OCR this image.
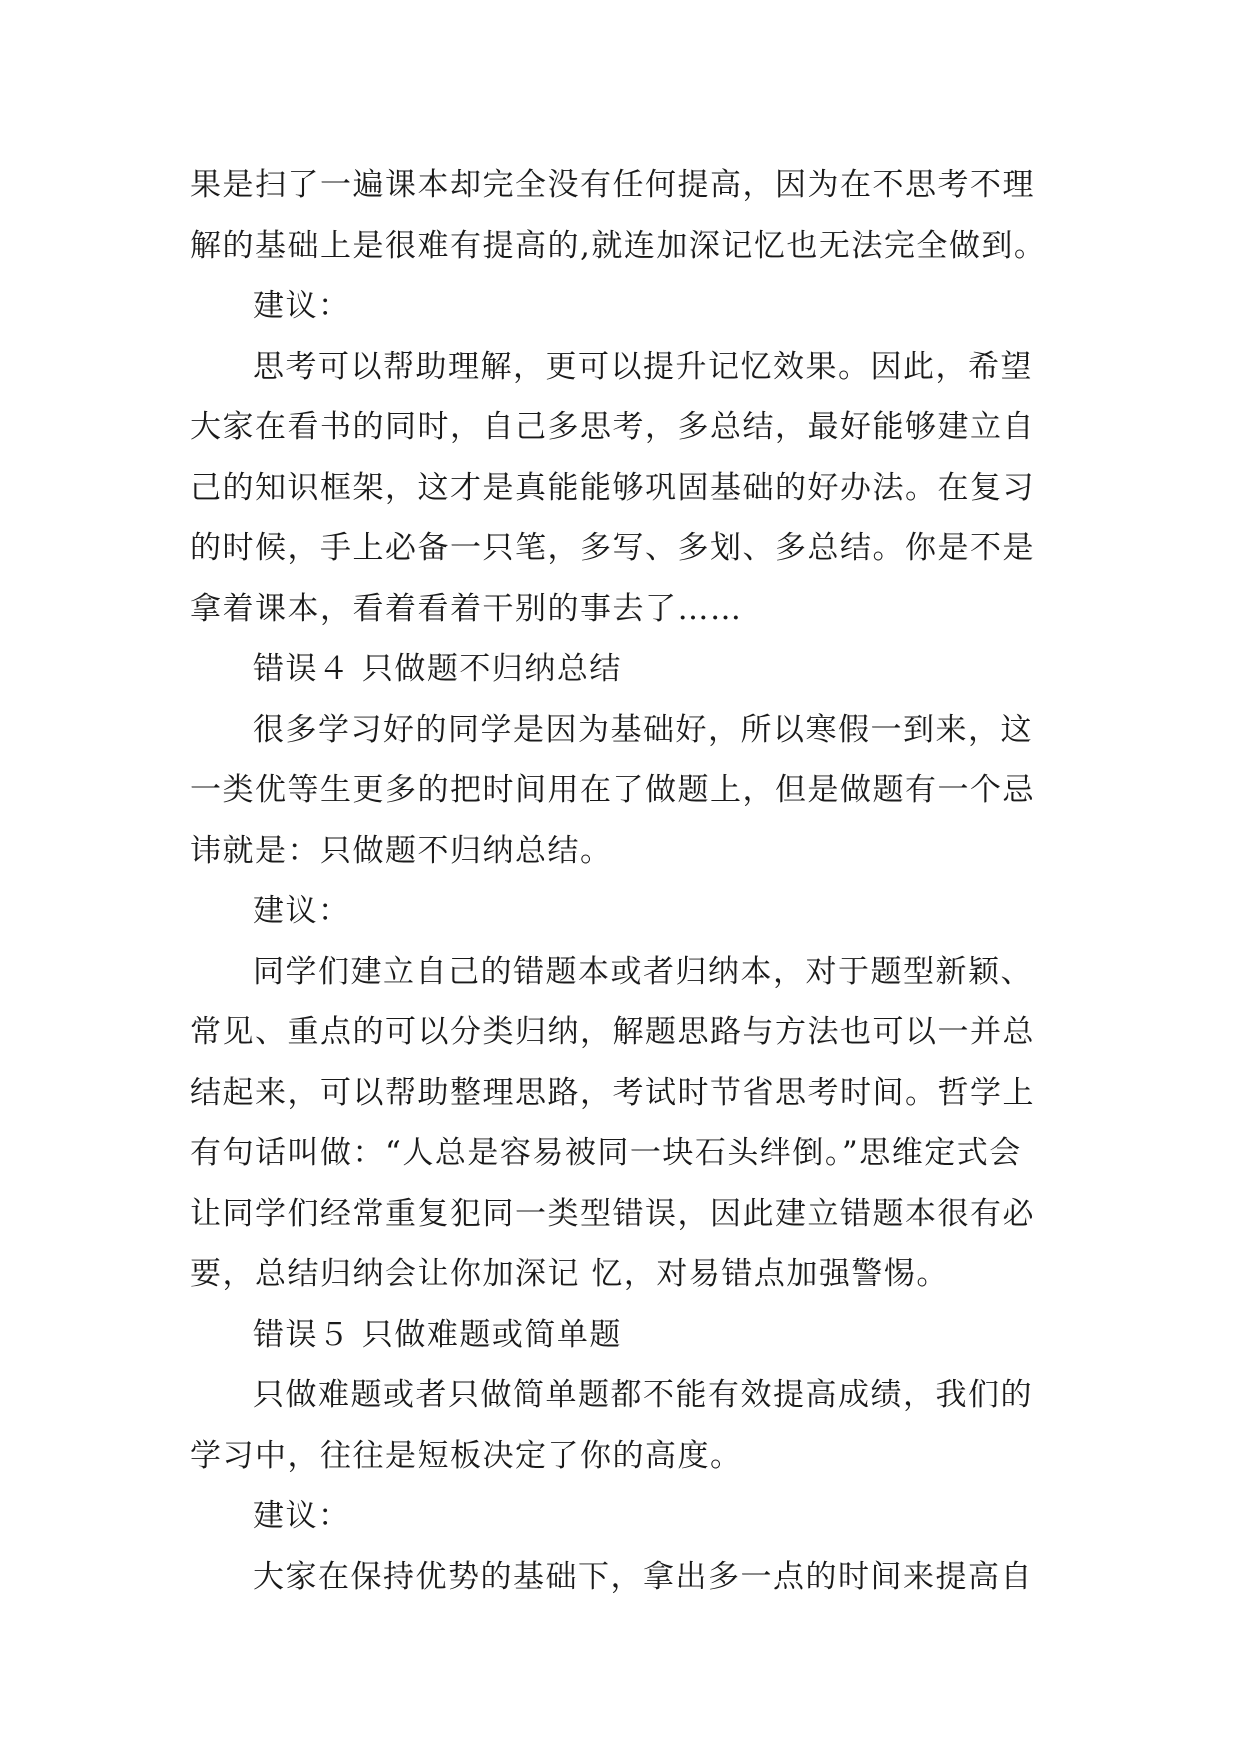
果是扫了一遍课本却完全没有任何提高，因为在不思考不理
解的基础上是很难有提高的,就连加深记忆也无法完全做到。
建议：
思考可以帮助理解，更可以提升记忆效果。因此，希望
大家在看书的同时，自己多思考，多总结，最好能够建立自
己的知识框架，这才是真能能够巩固基础的好办法。在复习
的时候，手上必备一只笔，多写、多划、多总结。你是不是
拿着课本，看着看着干别的事去了……
错误４ 只做题不归纳总结
很多学习好的同学是因为基础好，所以寒假一到来，这
一类优等生更多的把时间用在了做题上，但是做题有一个忌
讳就是：只做题不归纳总结。
建议：
同学们建立自己的错题本或者归纳本，对于题型新颖、
常见、重点的可以分类归纳，解题思路与方法也可以一并总
结起来，可以帮助整理思路，考试时节省思考时间。哲学上
有句话叫做：“人总是容易被同一块石头绊倒。”思维定式会
让同学们经常重复犯同一类型错误，因此建立错题本很有必
要，总结归纳会让你加深记 忆，对易错点加强警惕。
错误５ 只做难题或简单题
只做难题或者只做简单题都不能有效提高成绩，我们的
学习中，往往是短板决定了你的高度。
建议：
大家在保持优势的基础下，拿出多一点的时间来提高自
